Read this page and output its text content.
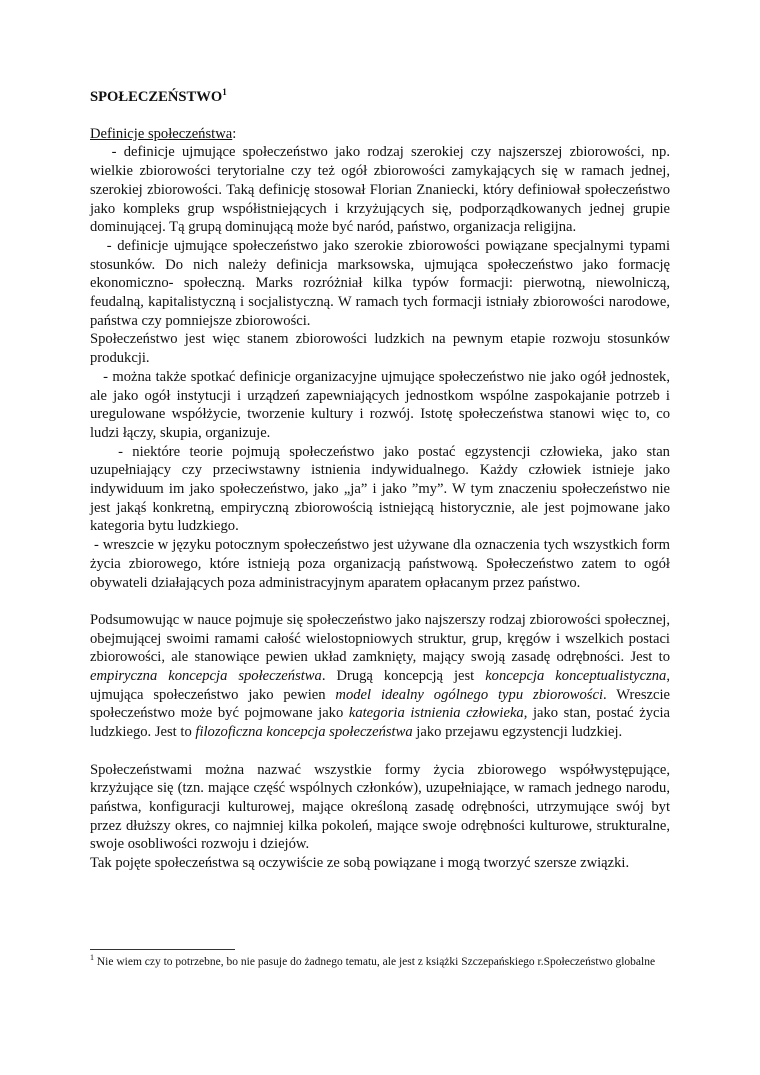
SPOŁECZEŃSTWO$^1$
Definicje społeczeństwa:

- definicje ujmujące społeczeństwo jako rodzaj szerokiej czy najszerszej zbiorowości, np. wielkie zbiorowości terytorialne czy też ogół zbiorowości zamykających się w ramach jednej, szerokiej zbiorowości. Taką definicję stosował Florian Znaniecki, który definiował społeczeństwo jako kompleks grup współistniejących i krzyżujących się, podporządkowanych jednej grupie dominującej. Tą grupą dominującą może być naród, państwo, organizacja religijna.

- definicje ujmujące społeczeństwo jako szerokie zbiorowości powiązane specjalnymi typami stosunków. Do nich należy definicja marksowska, ujmująca społeczeństwo jako formację ekonomiczno- społeczną. Marks rozróżniał kilka typów formacji: pierwotną, niewolniczą, feudalną, kapitalistyczną i socjalistyczną. W ramach tych formacji istniały zbiorowości narodowe, państwa czy pomniejsze zbiorowości.

Społeczeństwo jest więc stanem zbiorowości ludzkich na pewnym etapie rozwoju stosunków produkcji.

- można także spotkać definicje organizacyjne ujmujące społeczeństwo nie jako ogół jednostek, ale jako ogół instytucji i urządzeń zapewniających jednostkom wspólne zaspokajanie potrzeb i uregulowane współżycie, tworzenie kultury i rozwój. Istotę społeczeństwa stanowi więc to, co ludzi łączy, skupia, organizuje.

- niektóre teorie pojmują społeczeństwo jako postać egzystencji człowieka, jako stan uzupełniający czy przeciwstawny istnienia indywidualnego. Każdy człowiek istnieje jako indywiduum im jako społeczeństwo, jako „ja” i jako ”my”. W tym znaczeniu społeczeństwo nie jest jakąś konkretną, empiryczną zbiorowością istniejącą historycznie, ale jest pojmowane jako kategoria bytu ludzkiego.

- wreszcie w języku potocznym społeczeństwo jest używane dla oznaczenia tych wszystkich form życia zbiorowego, które istnieją poza organizacją państwową. Społeczeństwo zatem to ogół obywateli działających poza administracyjnym aparatem opłacanym przez państwo.

Podsumowując w nauce pojmuje się społeczeństwo jako najszerszy rodzaj zbiorowości społecznej, obejmującej swoimi ramami całość wielostopniowych struktur, grup, kręgów i wszelkich postaci zbiorowości, ale stanowiące pewien układ zamknięty, mający swoją zasadę odrębności. Jest to empiryczna koncepcja społeczeństwa. Drugą koncepcją jest koncepcja konceptualistyczna, ujmująca społeczeństwo jako pewien model idealny ogólnego typu zbiorowości. Wreszcie społeczeństwo może być pojmowane jako kategoria istnienia człowieka, jako stan, postać życia ludzkiego. Jest to filozoficzna koncepcja społeczeństwa jako przejawu egzystencji ludzkiej.

Społeczeństwami można nazwać wszystkie formy życia zbiorowego współwystępujące, krzyżujące się (tzn. mające część wspólnych członków), uzupełniające, w ramach jednego narodu, państwa, konfiguracji kulturowej, mające określoną zasadę odrębności, utrzymujące swój byt przez dłuższy okres, co najmniej kilka pokoleń, mające swoje odrębności kulturowe, strukturalne, swoje osobliwości rozwoju i dziejów.

Tak pojęte społeczeństwa są oczywiście ze sobą powiązane i mogą tworzyć szersze związki.

$^1$ Nie wiem czy to potrzebne, bo nie pasuje do żadnego tematu, ale jest z książki Szczepańskiego r.Społeczeństwo globalne
